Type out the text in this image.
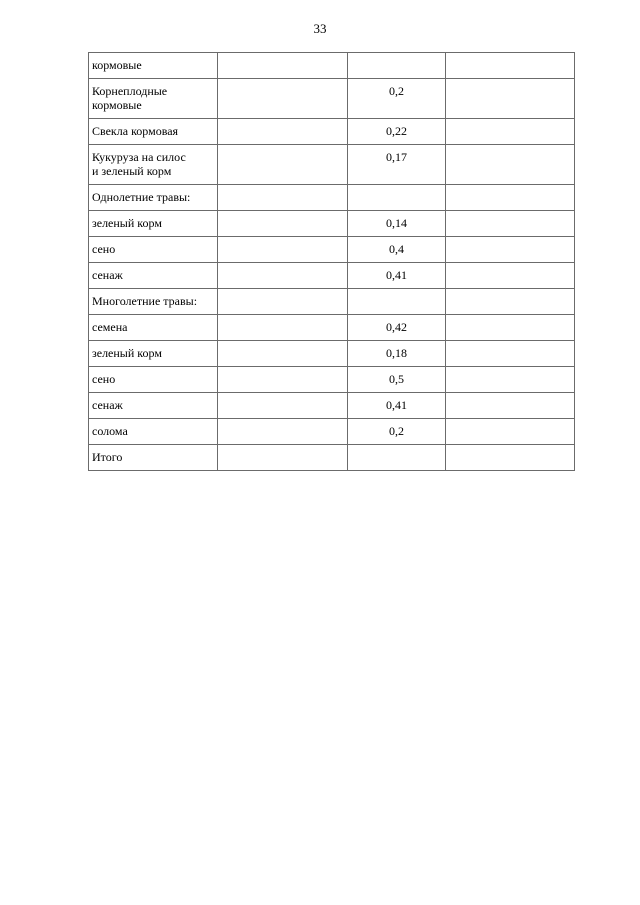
33
кормовые			
Корнеплодные
кормовые		0,2	
Свекла кормовая		0,22	
Кукуруза на силос
и зеленый корм		0,17	
Однолетние травы:			
зеленый корм		0,14	
сено		0,4	
сенаж		0,41	
Многолетние травы:			
семена		0,42	
зеленый корм		0,18	
сено		0,5	
сенаж		0,41	
солома		0,2	
Итого			
